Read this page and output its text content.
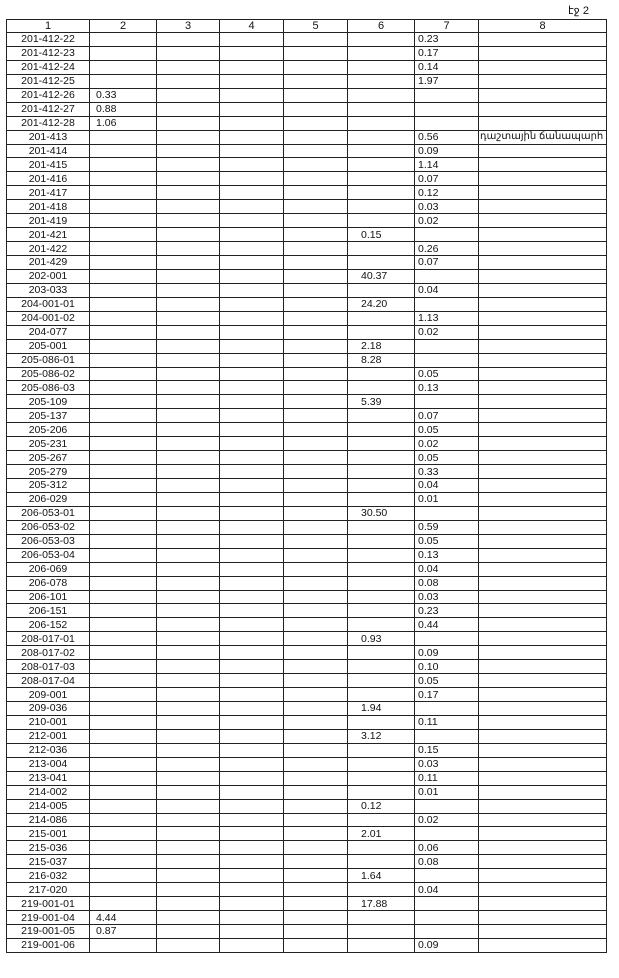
էջ 2
1	2	3	4	5	6	7	8
201-412-22						0.23	
201-412-23						0.17	
201-412-24						0.14	
201-412-25						1.97	
201-412-26	0.33						
201-412-27	0.88						
201-412-28	1.06						
201-413						0.56	դաշտային ճանապարհ
201-414						0.09	
201-415						1.14	
201-416						0.07	
201-417						0.12	
201-418						0.03	
201-419						0.02	
201-421					0.15		
201-422						0.26	
201-429						0.07	
202-001					40.37		
203-033						0.04	
204-001-01					24.20		
204-001-02						1.13	
204-077						0.02	
205-001					2.18		
205-086-01					8.28		
205-086-02						0.05	
205-086-03						0.13	
205-109					5.39		
205-137						0.07	
205-206						0.05	
205-231						0.02	
205-267						0.05	
205-279						0.33	
205-312						0.04	
206-029						0.01	
206-053-01					30.50		
206-053-02						0.59	
206-053-03						0.05	
206-053-04						0.13	
206-069						0.04	
206-078						0.08	
206-101						0.03	
206-151						0.23	
206-152						0.44	
208-017-01					0.93		
208-017-02						0.09	
208-017-03						0.10	
208-017-04						0.05	
209-001						0.17	
209-036					1.94		
210-001						0.11	
212-001					3.12		
212-036						0.15	
213-004						0.03	
213-041						0.11	
214-002						0.01	
214-005					0.12		
214-086						0.02	
215-001					2.01		
215-036						0.06	
215-037						0.08	
216-032					1.64		
217-020						0.04	
219-001-01					17.88		
219-001-04	4.44						
219-001-05	0.87						
219-001-06						0.09	
